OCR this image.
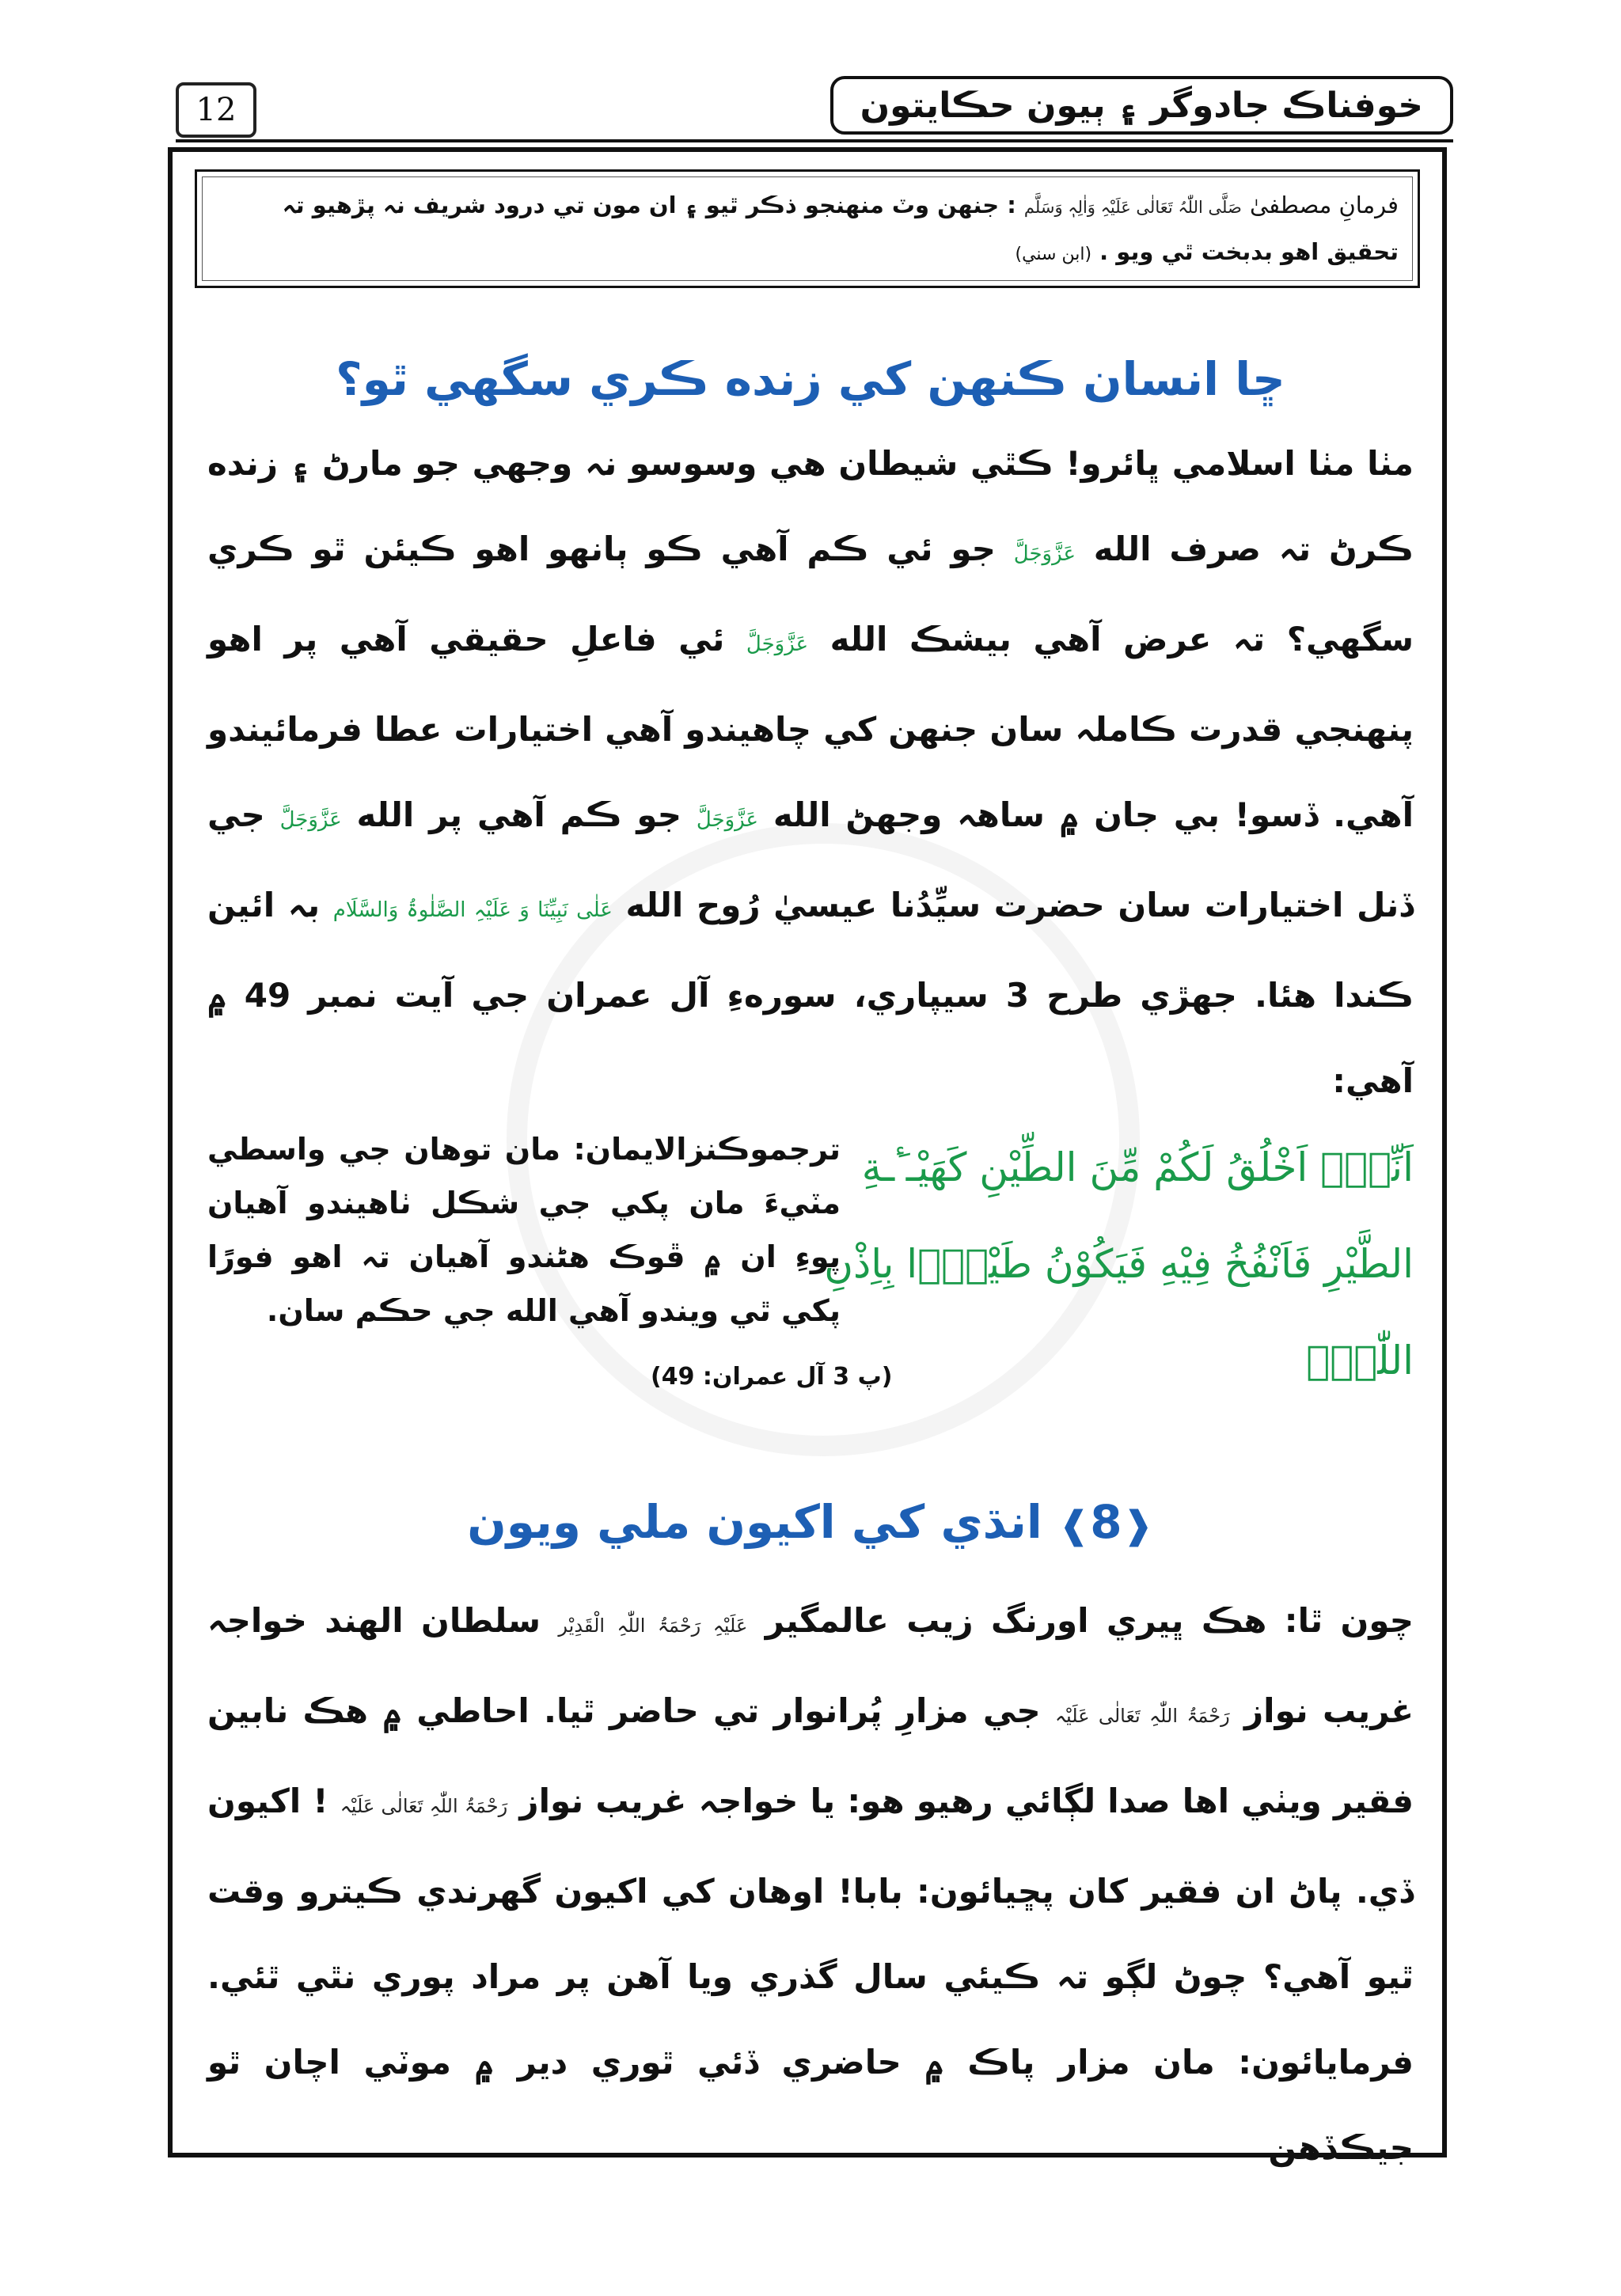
12	خوفناڪ جادوگر ۽ ٻيون حڪايتون
فرمانِ مصطفیٰ صَلَّی اللّٰہُ تَعَالٰی عَلَیْہِ وَاٰلِہٖ وَسَلَّم : جنهن وٽ منهنجو ذڪر ٿيو ۽ ان مون تي درود شريف نہ پڙهيو تہ تحقيق اهو بدبخت ٿي ويو . (ابن سني)
ڇا انسان ڪنهن کي زنده ڪري سگهي ٿو؟

مٺا مٺا اسلامي ڀائرو! ڪٿي شيطان هي وسوسو نہ وجهي جو مارڻ ۽ زنده ڪرڻ تہ صرف الله عَزَّوَجَلَّ جو ئي ڪم آهي ڪو ٻانهو اهو ڪيئن ٿو ڪري سگهي؟ تہ عرض آهي بيشڪ الله عَزَّوَجَلَّ ئي فاعلِ حقيقي آهي پر اهو پنهنجي قدرت ڪاملہ سان جنهن کي چاهيندو آهي اختيارات عطا فرمائيندو آهي. ڏسو! بي جان ۾ ساهہ وجهڻ الله عَزَّوَجَلَّ جو ڪم آهي پر الله عَزَّوَجَلَّ جي ڏنل اختيارات سان حضرت سيِّدُنا عيسيٰ رُوح الله عَلٰی نَبِیِّنَا وَ عَلَیْہِ الصَّلٰوۃُ وَالسَّلَام بہ ائين ڪندا هئا. جهڙي طرح 3 سيپاري، سورهءِ آل عمران جي آيت نمبر 49 ۾ آهي:

اَنِّیْۤ اَخْلُقُ لَكُمْ مِّنَ الطِّیْنِ كَهَیْـٴَـةِ الطَّیْرِ فَاَنْفُخُ فِیْهِ فَیَكُوْنُ طَیْرًۢا بِاِذْنِ اللّٰهِۚ
(پ 3 آل عمران: 49)
ترجموڪنزالايمان: مان توهان جي واسطي مٽيءَ مان پکي جي شڪل ٺاهيندو آهيان پوءِ ان ۾ ڦوڪ هڻندو آهيان تہ اهو فورًا پکي ٿي ويندو آهي الله جي حڪم سان.
❰8❱ انڌي کي اکيون ملي ويون

چون ٿا: هڪ ڀيري اورنگ زيب عالمگير عَلَیْہِ رَحْمَۃُ اللّٰہِ الْقَدِیْر سلطان الهند خواجہ غريب نواز رَحْمَۃُ اللّٰہِ تَعَالٰی عَلَیْہ جي مزارِ پُرانوار تي حاضر ٿيا. احاطي ۾ هڪ نابين فقير ويٺي اها صدا لڳائي رهيو هو: يا خواجہ غريب نواز رَحْمَۃُ اللّٰہِ تَعَالٰی عَلَیْہ ! اکيون ڏي. پاڻ ان فقير کان پڇيائون: بابا! اوهان کي اکيون گهرندي ڪيترو وقت ٿيو آهي؟ چوڻ لڳو تہ ڪيئي سال گذري ويا آهن پر مراد پوري نٿي ٿئي. فرمايائون: مان مزار پاڪ ۾ حاضري ڏئي ٿوري دير ۾ موٽي اچان ٿو جيڪڏهن
